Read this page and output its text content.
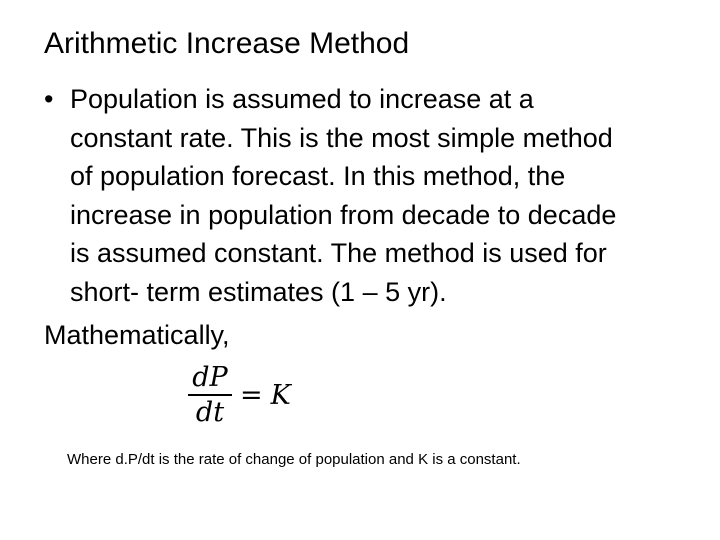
Arithmetic Increase Method
• Population is assumed to increase at a
constant rate. This is the most simple method
of population forecast. In this method, the
increase in population from decade to decade
is assumed constant. The method is used for
short- term estimates (1 – 5 yr).
Mathematically,
$\frac{dP}{dt} = K$
Where d.P/dt is the rate of change of population and K is a constant.
